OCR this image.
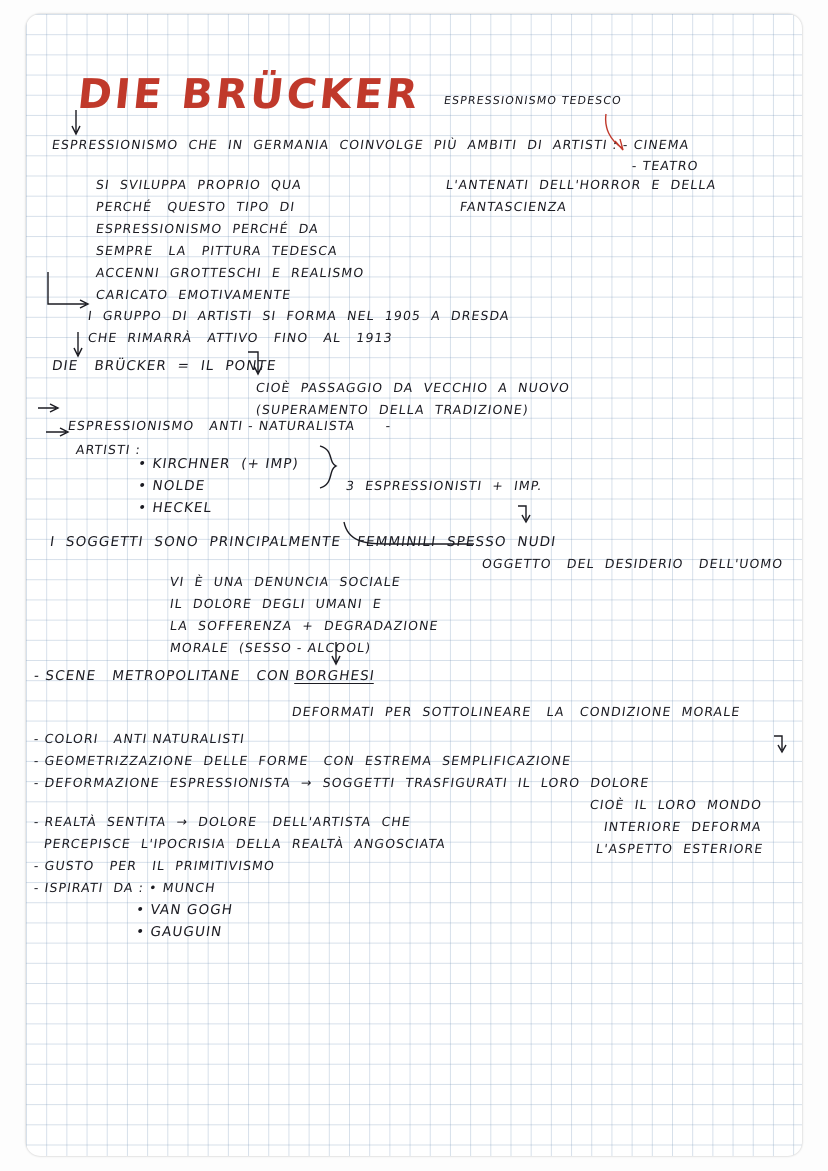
DIE BRÜCKER ESPRESSIONISMO TEDESCO
ESPRESSIONISMO  CHE  IN  GERMANIA  COINVOLGE  PIÙ  AMBITI  DI  ARTISTI : - CINEMA
- TEATRO
SI  SVILUPPA  PROPRIO  QUA
PERCHÉ   QUESTO  TIPO  DI
ESPRESSIONISMO  PERCHÉ  DA
SEMPRE   LA   PITTURA  TEDESCA
ACCENNI  GROTTESCHI  E  REALISMO
CARICATO  EMOTIVAMENTE
L'ANTENATI  DELL'HORROR  E  DELLA
FANTASCIENZA
I  GRUPPO  DI  ARTISTI  SI  FORMA  NEL  1905  A  DRESDA
CHE  RIMARRÀ   ATTIVO   FINO   AL   1913
DIE   BRÜCKER  =  IL  PONTE
CIOÈ  PASSAGGIO  DA  VECCHIO  A  NUOVO
(SUPERAMENTO  DELLA  TRADIZIONE)
ESPRESSIONISMO   ANTI - NATURALISTA      -
ARTISTI :
• KIRCHNER  (+ IMP)
• NOLDE
• HECKEL
3  ESPRESSIONISTI  +  IMP.
I  SOGGETTI  SONO  PRINCIPALMENTE   FEMMINILI  SPESSO  NUDI
OGGETTO   DEL  DESIDERIO   DELL'UOMO
VI  È  UNA  DENUNCIA  SOCIALE
IL  DOLORE  DEGLI  UMANI  E
LA  SOFFERENZA  +  DEGRADAZIONE
MORALE  (SESSO - ALCOOL)
- SCENE   METROPOLITANE   CON BORGHESI
DEFORMATI  PER  SOTTOLINEARE   LA   CONDIZIONE  MORALE
- COLORI   ANTI NATURALISTI
- GEOMETRIZZAZIONE  DELLE  FORME   CON  ESTREMA  SEMPLIFICAZIONE
- DEFORMAZIONE  ESPRESSIONISTA  →  SOGGETTI  TRASFIGURATI  IL  LORO  DOLORE
CIOÈ  IL  LORO  MONDO
INTERIORE  DEFORMA
L'ASPETTO  ESTERIORE
- REALTÀ  SENTITA  →  DOLORE   DELL'ARTISTA  CHE
PERCEPISCE  L'IPOCRISIA  DELLA  REALTÀ  ANGOSCIATA
- GUSTO   PER   IL  PRIMITIVISMO
- ISPIRATI  DA : • MUNCH
• VAN GOGH
• GAUGUIN
